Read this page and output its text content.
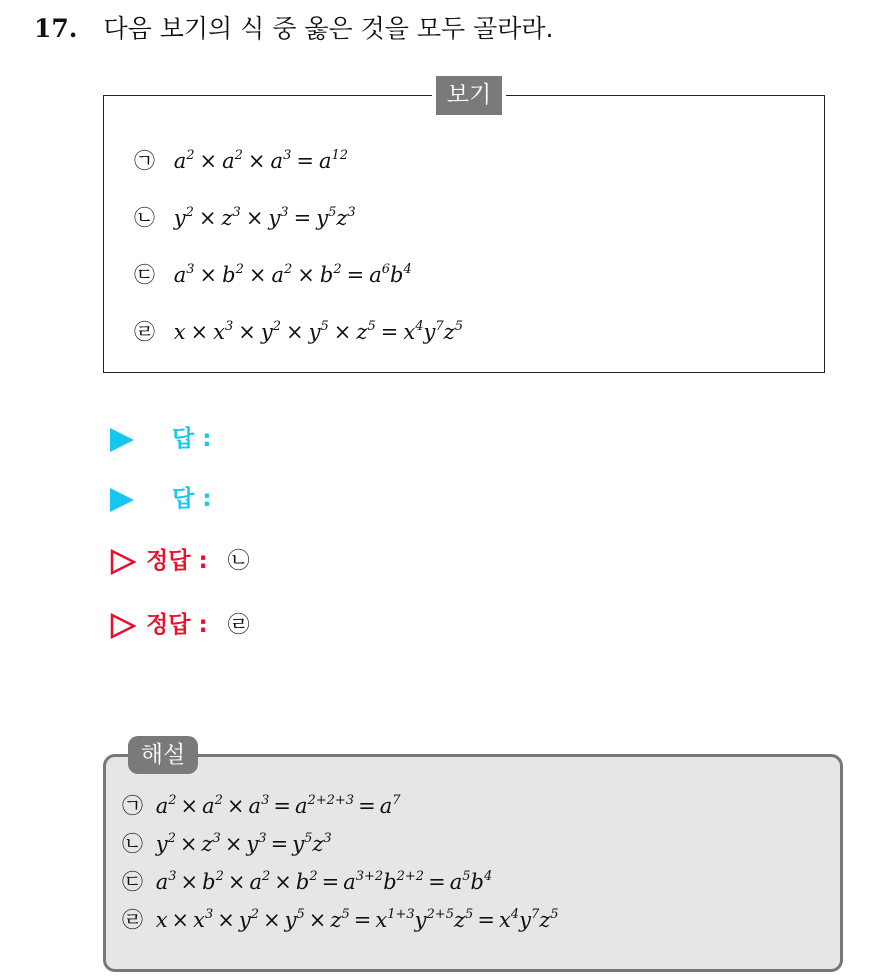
17. 다음 보기의 식 중 옳은 것을 모두 골라라.
보기
㉠ $a^2 \times a^2 \times a^3 = a^{12}$
㉡ $y^2 \times z^3 \times y^3 = y^5z^3$
㉢ $a^3 \times b^2 \times a^2 \times b^2 = a^6b^4$
㉣ $x \times x^3 \times y^2 \times y^5 \times z^5 = x^4y^7z^5$
답 :
답 :
정답 : ㉡
정답 : ㉣
해설
㉠ $a^2 \times a^2 \times a^3 = a^{2+2+3} = a^7$
㉡ $y^2 \times z^3 \times y^3 = y^5z^3$
㉢ $a^3 \times b^2 \times a^2 \times b^2 = a^{3+2}b^{2+2} = a^5b^4$
㉣ $x \times x^3 \times y^2 \times y^5 \times z^5 = x^{1+3}y^{2+5}z^5 = x^4y^7z^5$
